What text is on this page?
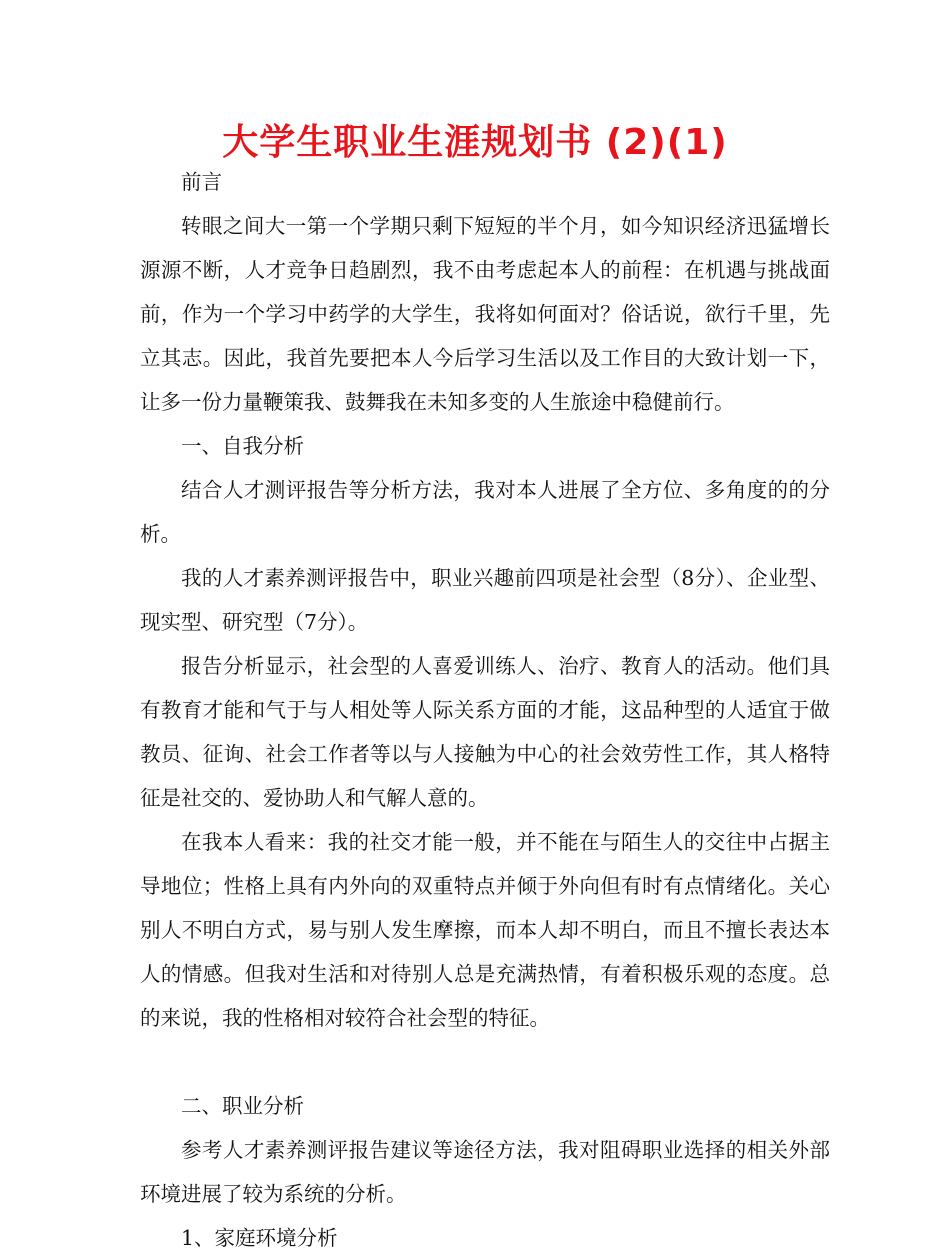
大学生职业生涯规划书 (2)(1)

前言

转眼之间大一第一个学期只剩下短短的半个月，如今知识经济迅猛增长源源不断，人才竞争日趋剧烈，我不由考虑起本人的前程：在机遇与挑战面前，作为一个学习中药学的大学生，我将如何面对？俗话说，欲行千里，先立其志。因此，我首先要把本人今后学习生活以及工作目的大致计划一下，让多一份力量鞭策我、鼓舞我在未知多变的人生旅途中稳健前行。

一、自我分析

结合人才测评报告等分析方法，我对本人进展了全方位、多角度的的分析。

我的人才素养测评报告中，职业兴趣前四项是社会型（8分）、企业型、现实型、研究型（7分）。

报告分析显示，社会型的人喜爱训练人、治疗、教育人的活动。他们具有教育才能和气于与人相处等人际关系方面的才能，这品种型的人适宜于做教员、征询、社会工作者等以与人接触为中心的社会效劳性工作，其人格特征是社交的、爱协助人和气解人意的。

在我本人看来：我的社交才能一般，并不能在与陌生人的交往中占据主导地位；性格上具有内外向的双重特点并倾于外向但有时有点情绪化。关心别人不明白方式，易与别人发生摩擦，而本人却不明白，而且不擅长表达本人的情感。但我对生活和对待别人总是充满热情，有着积极乐观的态度。总的来说，我的性格相对较符合社会型的特征。

二、职业分析

参考人才素养测评报告建议等途径方法，我对阻碍职业选择的相关外部环境进展了较为系统的分析。

1、家庭环境分析
